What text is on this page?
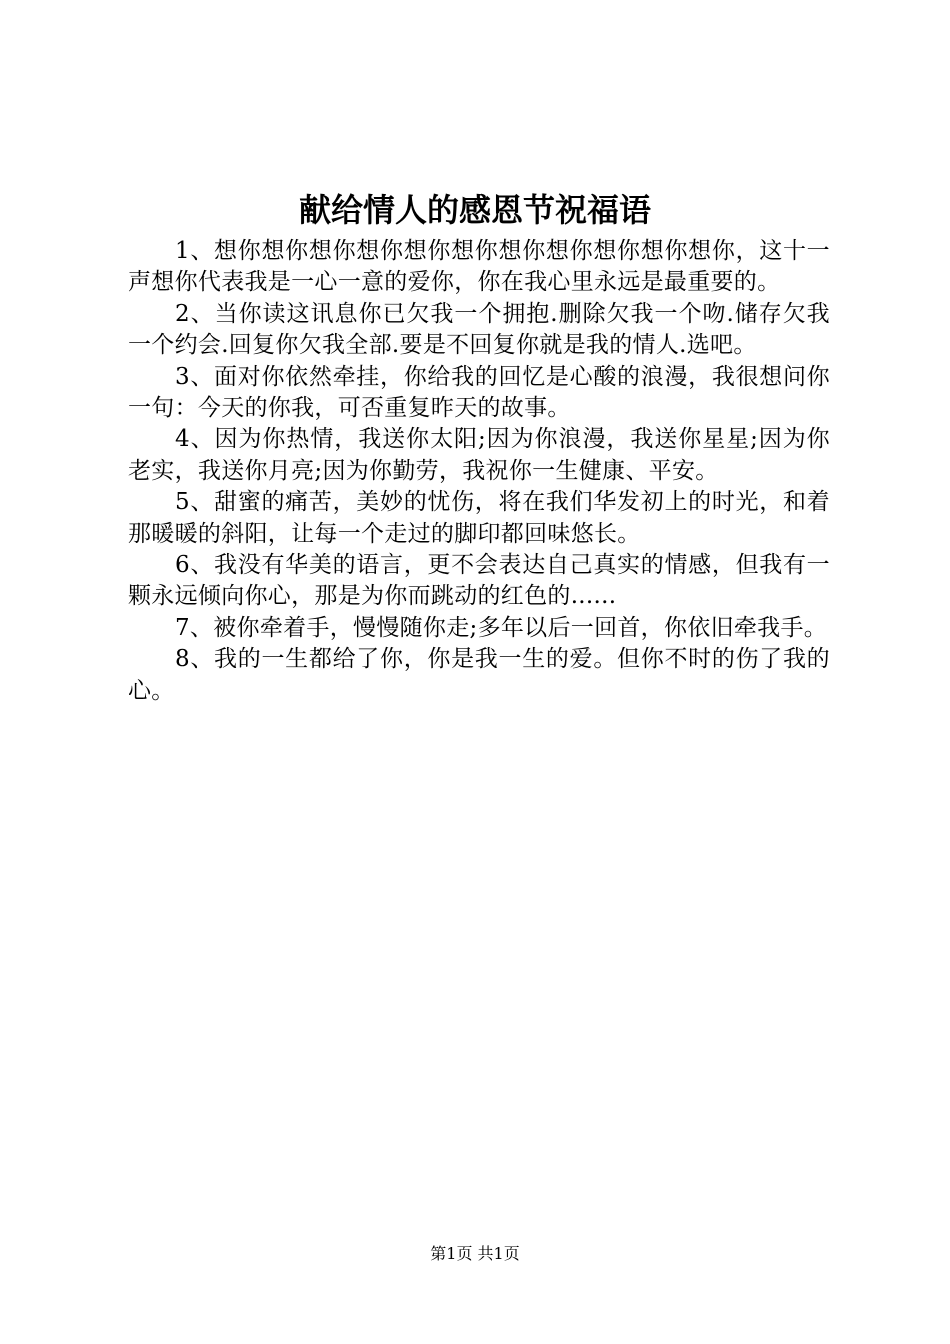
献给情人的感恩节祝福语

1、想你想你想你想你想你想你想你想你想你想你想你，这十一声想你代表我是一心一意的爱你，你在我心里永远是最重要的。

2、当你读这讯息你已欠我一个拥抱.删除欠我一个吻.储存欠我一个约会.回复你欠我全部.要是不回复你就是我的情人.选吧。

3、面对你依然牵挂，你给我的回忆是心酸的浪漫，我很想问你一句：今天的你我，可否重复昨天的故事。

4、因为你热情，我送你太阳;因为你浪漫，我送你星星;因为你老实，我送你月亮;因为你勤劳，我祝你一生健康、平安。

5、甜蜜的痛苦，美妙的忧伤，将在我们华发初上的时光，和着那暖暖的斜阳，让每一个走过的脚印都回味悠长。

6、我没有华美的语言，更不会表达自己真实的情感，但我有一颗永远倾向你心，那是为你而跳动的红色的......

7、被你牵着手，慢慢随你走;多年以后一回首，你依旧牵我手。

8、我的一生都给了你，你是我一生的爱。但你不时的伤了我的心。

第1页 共1页
